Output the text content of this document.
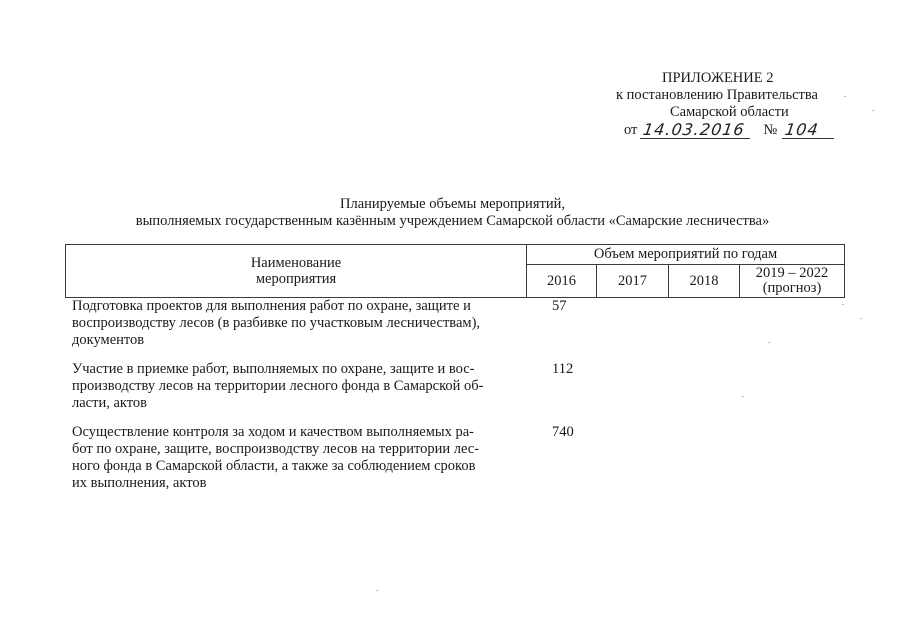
ПРИЛОЖЕНИЕ 2
к постановлению Правительства
Самарской области
от 14.03.2016	№ 104
Планируемые объемы мероприятий,
выполняемых государственным казённым учреждением Самарской области «Самарские лесничества»
Наименование
мероприятия
Объем мероприятий по годам
2016	2017	2018	2019 – 2022
(прогноз)
Подготовка проектов для выполнения работ по охране, защите и
воспроизводству лесов (в разбивке по участковым лесничествам),
документов
57
Участие в приемке работ, выполняемых по охране, защите и вос-
производству лесов на территории лесного фонда в Самарской об-
ласти, актов
112
Осуществление контроля за ходом и качеством выполняемых ра-
бот по охране, защите, воспроизводству лесов на территории лес-
ного фонда в Самарской области, а также за соблюдением сроков
их выполнения, актов
740
